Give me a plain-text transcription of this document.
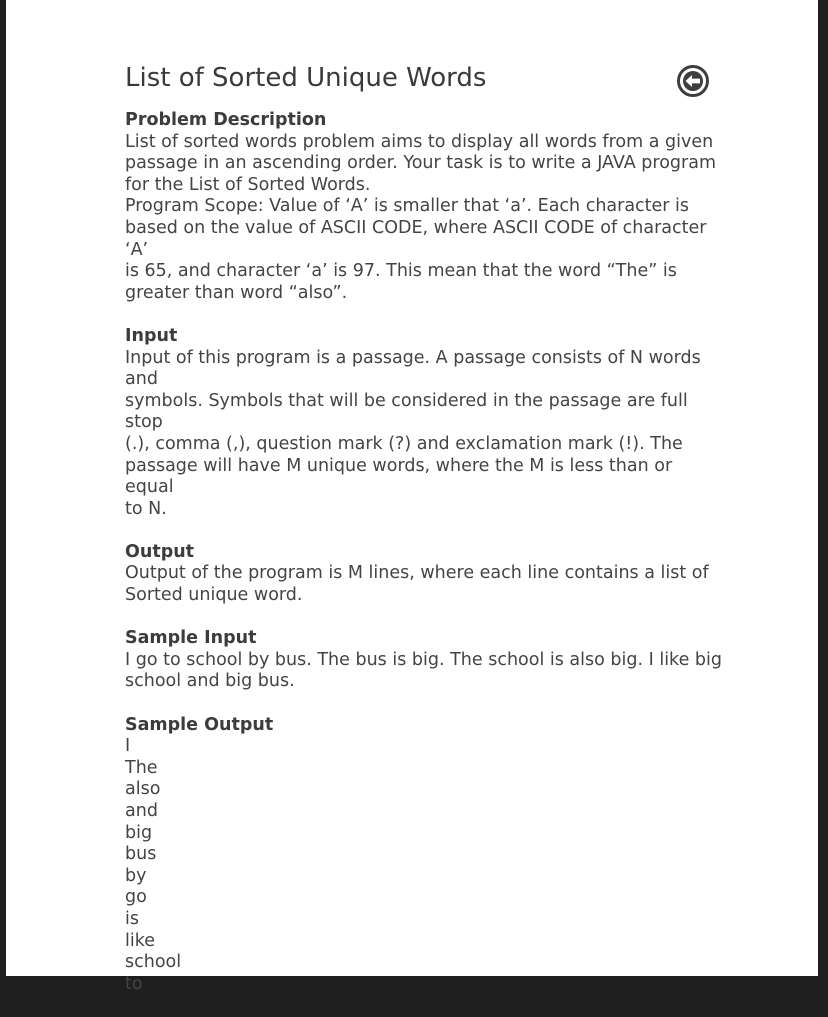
List of Sorted Unique Words
Problem Description
List of sorted words problem aims to display all words from a given
passage in an ascending order. Your task is to write a JAVA program
for the List of Sorted Words.
Program Scope: Value of ‘A’ is smaller that ‘a’. Each character is
based on the value of ASCII CODE, where ASCII CODE of character ‘A’
is 65, and character ‘a’ is 97. This mean that the word “The” is
greater than word “also”.
Input
Input of this program is a passage. A passage consists of N words and
symbols. Symbols that will be considered in the passage are full stop
(.), comma (,), question mark (?) and exclamation mark (!). The
passage will have M unique words, where the M is less than or equal
to N.
Output
Output of the program is M lines, where each line contains a list of
Sorted unique word.
Sample Input
I go to school by bus. The bus is big. The school is also big. I like big
school and big bus.
Sample Output
I
The
also
and
big
bus
by
go
is
like
school
to
